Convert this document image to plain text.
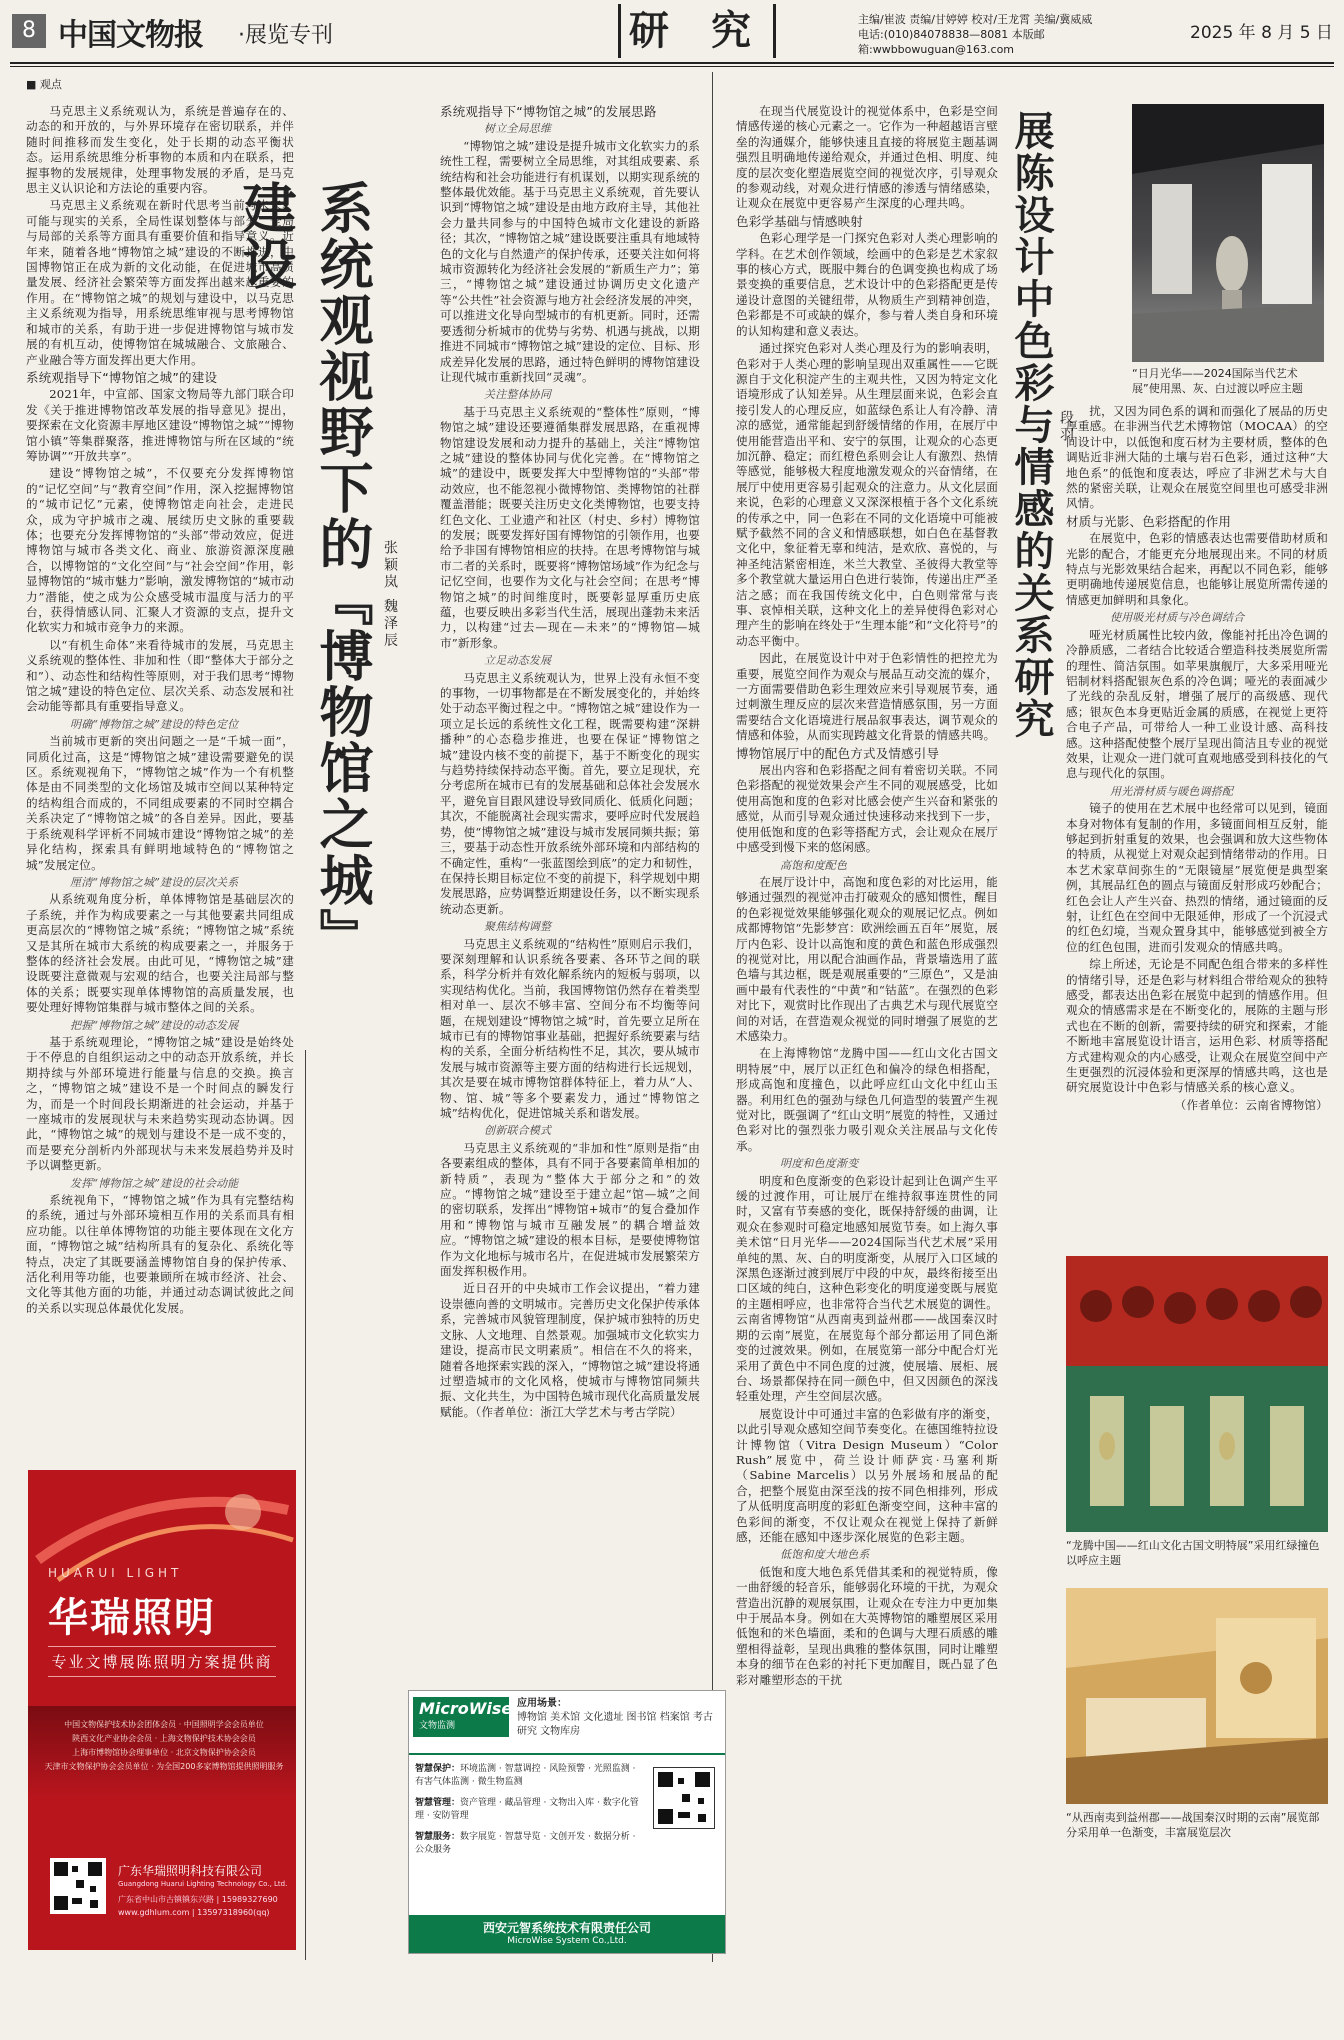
8 中国文物报 ·展览专刊	研 究	主编/崔波 责编/甘婷婷 校对/王龙霄 美编/冀威威
电话:(010)84078838—8081 本版邮箱:wwbbowuguan@163.com
2025 年 8 月 5 日
■ 观点

马克思主义系统观认为，系统是普遍存在的、动态的和开放的，与外界环境存在密切联系，并伴随时间推移而发生变化，处于长期的动态平衡状态。运用系统思维分析事物的本质和内在联系，把握事物的发展规律，处理事物发展的矛盾，是马克思主义认识论和方法论的重要内容。

马克思主义系统观在新时代思考当前与未来、可能与现实的关系，全局性谋划整体与部分、全局与局部的关系等方面具有重要价值和指导意义。近年来，随着各地“博物馆之城”建设的不断推进，中国博物馆正在成为新的文化动能，在促进城市高质量发展、经济社会繁荣等方面发挥出越来越重要的作用。在“博物馆之城”的规划与建设中，以马克思主义系统观为指导，用系统思维审视与思考博物馆和城市的关系，有助于进一步促进博物馆与城市发展的有机互动，使博物馆在城城融合、文旅融合、产业融合等方面发挥出更大作用。

系统观指导下“博物馆之城”的建设

2021年，中宣部、国家文物局等九部门联合印发《关于推进博物馆改革发展的指导意见》提出，要探索在文化资源丰厚地区建设“博物馆之城”“博物馆小镇”等集群聚落，推进博物馆与所在区域的“统筹协调”“开放共享”。

建设“博物馆之城”，不仅要充分发挥博物馆的“记忆空间”与“教育空间”作用，深入挖掘博物馆的“城市记忆”元素，使博物馆走向社会，走进民众，成为守护城市之魂、展续历史文脉的重要载体；也要充分发挥博物馆的“头部”带动效应，促进博物馆与城市各类文化、商业、旅游资源深度融合，以博物馆的“文化空间”与“社会空间”作用，彰显博物馆的“城市魅力”影响，激发博物馆的“城市动力”潜能，使之成为公众感受城市温度与活力的平台，获得情感认同、汇聚人才资源的支点，提升文化软实力和城市竞争力的来源。

以“有机生命体”来看待城市的发展，马克思主义系统观的整体性、非加和性（即“整体大于部分之和”）、动态性和结构性等原则，对于我们思考“博物馆之城”建设的特色定位、层次关系、动态发展和社会动能等都具有重要指导意义。

明确“博物馆之城”建设的特色定位

当前城市更新的突出问题之一是“千城一面”，同质化过高，这是“博物馆之城”建设需要避免的误区。系统观视角下，“博物馆之城”作为一个有机整体是由不同类型的文化场馆及城市空间以某种特定的结构组合而成的，不同组成要素的不同时空耦合关系决定了“博物馆之城”的各自差异。因此，要基于系统观科学评析不同城市建设“博物馆之城”的差异化结构，探索具有鲜明地域特色的“博物馆之城”发展定位。

厘清“博物馆之城”建设的层次关系

从系统观角度分析，单体博物馆是基础层次的子系统，并作为构成要素之一与其他要素共同组成更高层次的“博物馆之城”系统；“博物馆之城”系统又是其所在城市大系统的构成要素之一，并服务于整体的经济社会发展。由此可见，“博物馆之城”建设既要注意微观与宏观的结合，也要关注局部与整体的关系；既要实现单体博物馆的高质量发展，也要处理好博物馆集群与城市整体之间的关系。

把握“博物馆之城”建设的动态发展

基于系统观理论，“博物馆之城”建设是始终处于不停息的自组织运动之中的动态开放系统，并长期持续与外部环境进行能量与信息的交换。换言之，“博物馆之城”建设不是一个时间点的瞬发行为，而是一个时间段长期渐进的社会运动，并基于一座城市的发展现状与未来趋势实现动态协调。因此，“博物馆之城”的规划与建设不是一成不变的，而是要充分剖析内外部现状与未来发展趋势并及时予以调整更新。

发挥“博物馆之城”建设的社会动能

系统视角下，“博物馆之城”作为具有完整结构的系统，通过与外部环境相互作用的关系而具有相应功能。以往单体博物馆的功能主要体现在文化方面，“博物馆之城”结构所具有的复杂化、系统化等特点，决定了其既要涵盖博物馆自身的保护传承、活化利用等功能，也要兼顾所在城市经济、社会、文化等其他方面的功能，并通过动态调试彼此之间的关系以实现总体最优化发展。

系统观视野下的『博物馆之城』建设
张颖岚 魏泽辰

系统观指导下“博物馆之城”的发展思路

树立全局思维

“博物馆之城”建设是提升城市文化软实力的系统性工程，需要树立全局思维，对其组成要素、系统结构和社会功能进行有机谋划，以期实现系统的整体最优效能。基于马克思主义系统观，首先要认识到“博物馆之城”建设是由地方政府主导，其他社会力量共同参与的中国特色城市文化建设的新路径；其次，“博物馆之城”建设既要注重具有地域特色的文化与自然遗产的保护传承，还要关注如何将城市资源转化为经济社会发展的“新质生产力”；第三，“博物馆之城”建设通过协调历史文化遗产等“公共性”社会资源与地方社会经济发展的冲突，可以推进文化导向型城市的有机更新。同时，还需要透彻分析城市的优势与劣势、机遇与挑战，以期推进不同城市“博物馆之城”建设的定位、目标、形成差异化发展的思路，通过特色鲜明的博物馆建设让现代城市重新找回“灵魂”。

关注整体协同

基于马克思主义系统观的“整体性”原则，“博物馆之城”建设还要遵循集群发展思路，在重视博物馆建设发展和动力提升的基础上，关注“博物馆之城”建设的整体协同与优化完善。在“博物馆之城”的建设中，既要发挥大中型博物馆的“头部”带动效应，也不能忽视小微博物馆、类博物馆的社群覆盖潜能；既要关注历史文化类博物馆，也要支持红色文化、工业遗产和社区（村史、乡村）博物馆的发展；既要发挥好国有博物馆的引领作用，也要给予非国有博物馆相应的扶持。在思考博物馆与城市二者的关系时，既要将“博物馆场域”作为纪念与记忆空间，也要作为文化与社会空间；在思考“博物馆之城”的时间维度时，既要彰显厚重历史底蕴，也要反映出多彩当代生活，展现出蓬勃未来活力，以构建“过去—现在—未来”的“博物馆—城市”新形象。

立足动态发展

马克思主义系统观认为，世界上没有永恒不变的事物，一切事物都是在不断发展变化的，并始终处于动态平衡过程之中。“博物馆之城”建设作为一项立足长远的系统性文化工程，既需要构建“深耕播种”的心态稳步推进，也要在保证“博物馆之城”建设内核不变的前提下，基于不断变化的现实与趋势持续保持动态平衡。首先，要立足现状，充分考虑所在城市已有的发展基础和总体社会发展水平，避免盲目跟风建设导致同质化、低质化问题；其次，不能脱离社会现实需求，要呼应时代发展趋势，使“博物馆之城”建设与城市发展同频共振；第三，要基于动态性开放系统外部环境和内部结构的不确定性，重构“一张蓝图绘到底”的定力和韧性，在保持长期目标定位不变的前提下，科学规划中期发展思路，应势调整近期建设任务，以不断实现系统动态更新。

聚焦结构调整

马克思主义系统观的“结构性”原则启示我们，要深刻理解和认识系统各要素、各环节之间的联系，科学分析并有效化解系统内的短板与弱项，以实现结构优化。当前，我国博物馆仍然存在着类型相对单一、层次不够丰富、空间分布不均衡等问题，在规划建设“博物馆之城”时，首先要立足所在城市已有的博物馆事业基础，把握好系统要素与结构的关系，全面分析结构性不足，其次，要从城市发展与城市资源等主要方面的结构进行长远规划，其次是要在城市博物馆群体特征上，着力从“人、物、馆、城”等多个要素发力，通过“博物馆之城”结构优化，促进馆城关系和谐发展。

创新联合模式

马克思主义系统观的“非加和性”原则是指“由各要素组成的整体，具有不同于各要素简单相加的新特质”，表现为“整体大于部分之和”的效应。“博物馆之城”建设至于建立起“馆—城”之间的密切联系，发挥出“博物馆+城市”的复合叠加作用和“博物馆与城市互融发展”的耦合增益效应。“博物馆之城”建设的根本目标，是要使博物馆作为文化地标与城市名片，在促进城市发展繁荣方面发挥积极作用。

近日召开的中央城市工作会议提出，“着力建设崇德向善的文明城市。完善历史文化保护传承体系，完善城市风貌管理制度，保护城市独特的历史文脉、人文地理、自然景观。加强城市文化软实力建设，提高市民文明素质”。相信在不久的将来，随着各地探索实践的深入，“博物馆之城”建设将通过塑造城市的文化风格，使城市与博物馆同频共振、文化共生，为中国特色城市现代化高质量发展赋能。（作者单位：浙江大学艺术与考古学院）

HUARUI LIGHT
华瑞照明
专业文博展陈照明方案提供商
中国文物保护技术协会团体会员 · 中国照明学会会员单位
陕西文化产业协会会员 · 上海文物保护技术协会会员
上海市博物馆协会理事单位 · 北京文物保护协会会员
天津市文物保护协会会员单位 · 为全国200多家博物馆提供照明服务
广东华瑞照明科技有限公司
Guangdong Huarui Lighting Technology Co., Ltd.
广东省中山市古镇镇东兴路 | 15989327690
www.gdhlum.com | 13597318960(qq)
MicroWise
文物监测
应用场景：
博物馆 美术馆 文化遗址 图书馆 档案馆 考古研究 文物库房
智慧保护：环境监测 · 智慧调控 · 风险预警 · 光照监测 · 有害气体监测 · 微生物监测
智慧管理：资产管理 · 藏品管理 · 文物出入库 · 数字化管理 · 安防管理
智慧服务：数字展览 · 智慧导览 · 文创开发 · 数据分析 · 公众服务
西安元智系统技术有限责任公司
MicroWise System Co.,Ltd.

在现当代展览设计的视觉体系中，色彩是空间情感传递的核心元素之一。它作为一种超越语言壁垒的沟通媒介，能够快速且直接的将展览主题基调强烈且明确地传递给观众，并通过色相、明度、纯度的层次变化塑造展览空间的视觉次序，引导观众的参观动线，对观众进行情感的渗透与情绪感染，让观众在展览中更容易产生深度的心理共鸣。

色彩学基础与情感映射

色彩心理学是一门探究色彩对人类心理影响的学科。在艺术创作领域，绘画中的色彩是艺术家叙事的核心方式，既服中舞台的色调变换也构成了场景变换的重要信息，艺术设计中的色彩搭配更是传递设计意图的关键纽带，从物质生产到精神创造，色彩都是不可或缺的媒介，参与着人类自身和环境的认知构建和意义表达。

通过探究色彩对人类心理及行为的影响表明，色彩对于人类心理的影响呈现出双重属性——它既源自于文化积淀产生的主观共性，又因为特定文化语境形成了认知差异。从生理层面来说，色彩会直接引发人的心理反应，如蓝绿色系让人有冷静、清凉的感觉，通常能起到舒缓情绪的作用，在展厅中使用能营造出平和、安宁的氛围，让观众的心态更加沉静、稳定；而红橙色系则会让人有激烈、热情等感觉，能够极大程度地激发观众的兴奋情绪，在展厅中使用更容易引起观众的注意力。从文化层面来说，色彩的心理意义又深深根植于各个文化系统的传承之中，同一色彩在不同的文化语境中可能被赋予截然不同的含义和情感联想，如白色在基督教文化中，象征着无辜和纯洁，是欢欣、喜悦的，与神圣纯洁紧密相连，米兰大教堂、圣彼得大教堂等多个教堂就大量运用白色进行装饰，传递出庄严圣洁之感；而在我国传统文化中，白色则常常与丧事、哀悼相关联，这种文化上的差异使得色彩对心理产生的影响在终处于“生理本能”和“文化符号”的动态平衡中。

因此，在展览设计中对于色彩情性的把控尤为重要，展览空间作为观众与展品互动交流的媒介，一方面需要借助色彩生理效应来引导观展节奏，通过刺激生理反应的层次来营造情感氛围，另一方面需要结合文化语境进行展品叙事表达，调节观众的情感和体验，从而实现跨越文化背景的情感共鸣。

博物馆展厅中的配色方式及情感引导

展出内容和色彩搭配之间有着密切关联。不同色彩搭配的视觉效果会产生不同的观展感受，比如使用高饱和度的色彩对比感会使产生兴奋和紧张的感觉，从而引导观众通过快速移动来找到下一步，使用低饱和度的色彩等搭配方式，会让观众在展厅中感受到慢下来的悠闲感。

高饱和度配色

在展厅设计中，高饱和度色彩的对比运用，能够通过强烈的视觉冲击打破观众的感知惯性，醒目的色彩视觉效果能够强化观众的观展记忆点。例如成都博物馆“先影梦宫：欧洲绘画五百年”展览，展厅内色彩、设计以高饱和度的黄色和蓝色形成强烈的视觉对比，用以配合油画作品，背景墙选用了蓝色墙与其边框，既是观展重要的“三原色”，又是油画中最有代表性的“中黄”和“钴蓝”。在强烈的色彩对比下，观赏时比作现出了古典艺术与现代展览空间的对话，在营造观众视觉的同时增强了展览的艺术感染力。

在上海博物馆“龙腾中国——红山文化古国文明特展”中，展厅以正红色和偏冷的绿色相搭配，形成高饱和度撞色，以此呼应红山文化中红山玉器。利用红色的强劲与绿色几何造型的装置产生视觉对比，既强调了“红山文明”展览的特性，又通过色彩对比的强烈张力吸引观众关注展品与文化传承。

明度和色度渐变

明度和色度渐变的色彩设计起到让色调产生平缓的过渡作用，可让展厅在维持叙事连贯性的同时，又富有节奏感的变化，既保持舒缓的曲调，让观众在参观时可稳定地感知展览节奏。如上海久事美术馆“日月光华——2024国际当代艺术展”采用单纯的黑、灰、白的明度渐变，从展厅入口区域的深黑色逐渐过渡到展厅中段的中灰，最终衔接至出口区域的纯白，这种色彩变化的明度递变既与展览的主题相呼应，也非常符合当代艺术展览的调性。云南省博物馆“从西南夷到益州郡——战国秦汉时期的云南”展览，在展览每个部分都运用了同色渐变的过渡效果。例如，在展览第一部分中配合灯光采用了黄色中不同色度的过渡，使展墙、展柜、展台、场景都保持在同一颜色中，但又因颜色的深浅轻重处理，产生空间层次感。

展览设计中可通过丰富的色彩做有序的渐变，以此引导观众感知空间节奏变化。在德国维特拉设计博物馆（Vitra Design Museum）“Color Rush”展览中，荷兰设计师萨宾·马塞利斯（Sabine Marcelis）以另外展场和展品的配合，把整个展览由深至浅的按不同色相排列，形成了从低明度高明度的彩虹色渐变空间，这种丰富的色彩间的渐变，不仅让观众在视觉上保持了新鲜感，还能在感知中逐步深化展览的色彩主题。

低饱和度大地色系

低饱和度大地色系凭借其柔和的视觉特质，像一曲舒缓的轻音乐，能够弱化环境的干扰，为观众营造出沉静的观展氛围，让观众在专注力中更加集中于展品本身。例如在大英博物馆的雕塑展区采用低饱和的米色墙面，柔和的色调与大理石质感的雕塑相得益彰，呈现出典雅的整体氛围，同时让雕塑本身的细节在色彩的衬托下更加醒目，既凸显了色彩对雕塑形态的干扰

展陈设计中色彩与情感的关系研究 段羽
“日月光华——2024国际当代艺术展”使用黑、灰、白过渡以呼应主题

扰，又因为同色系的调和而强化了展品的历史厚重感。在非洲当代艺术博物馆（MOCAA）的空间设计中，以低饱和度石材为主要材质，整体的色调贴近非洲大陆的土壤与岩石色彩，通过这种“大地色系”的低饱和度表达，呼应了非洲艺术与大自然的紧密关联，让观众在展览空间里也可感受非洲风情。

材质与光影、色彩搭配的作用

在展览中，色彩的情感表达也需要借助材质和光影的配合，才能更充分地展现出来。不同的材质特点与光影效果结合起来，再配以不同色彩，能够更明确地传递展览信息，也能够让展览所需传递的情感更加鲜明和具象化。

使用吸光材质与冷色调结合

哑光材质属性比较内敛，像能衬托出冷色调的冷静质感，二者结合比较适合塑造科技类展览所需的理性、简洁氛围。如苹果旗舰厅，大多采用哑光铝制材料搭配银灰色系的冷色调；哑光的表面减少了光线的杂乱反射，增强了展厅的高级感、现代感；银灰色本身更贴近金属的质感，在视觉上更符合电子产品，可带给人一种工业设计感、高科技感。这种搭配使整个展厅呈现出简洁且专业的视觉效果，让观众一进门就可直观地感受到科技化的气息与现代化的氛围。

用光滑材质与暖色调搭配

镜子的使用在艺术展中也经常可以见到，镜面本身对物体有复制的作用，多镜面间相互反射，能够起到折射重复的效果，也会强调和放大这些物体的特质，从视觉上对观众起到情绪带动的作用。日本艺术家草间弥生的“无限镜屋”展览便是典型案例，其展品红色的圆点与镜面反射形成巧妙配合；红色会让人产生兴奋、热烈的情绪，通过镜面的反射，让红色在空间中无限延伸，形成了一个沉浸式的红色幻境，当观众置身其中，能够感觉到被全方位的红色包围，进而引发观众的情感共鸣。

综上所述，无论是不同配色组合带来的多样性的情绪引导，还是色彩与材料组合带给观众的独特感受，都表达出色彩在展览中起到的情感作用。但观众的情感需求是在不断变化的，展陈的主题与形式也在不断的创新，需要持续的研究和探索，才能不断地丰富展览设计语言，运用色彩、材质等搭配方式建构观众的内心感受，让观众在展览空间中产生更强烈的沉浸体验和更深厚的情感共鸣，这也是研究展览设计中色彩与情感关系的核心意义。

（作者单位：云南省博物馆）

“龙腾中国——红山文化古国文明特展”采用红绿撞色以呼应主题
“从西南夷到益州郡——战国秦汉时期的云南”展览部分采用单一色渐变，丰富展览层次
